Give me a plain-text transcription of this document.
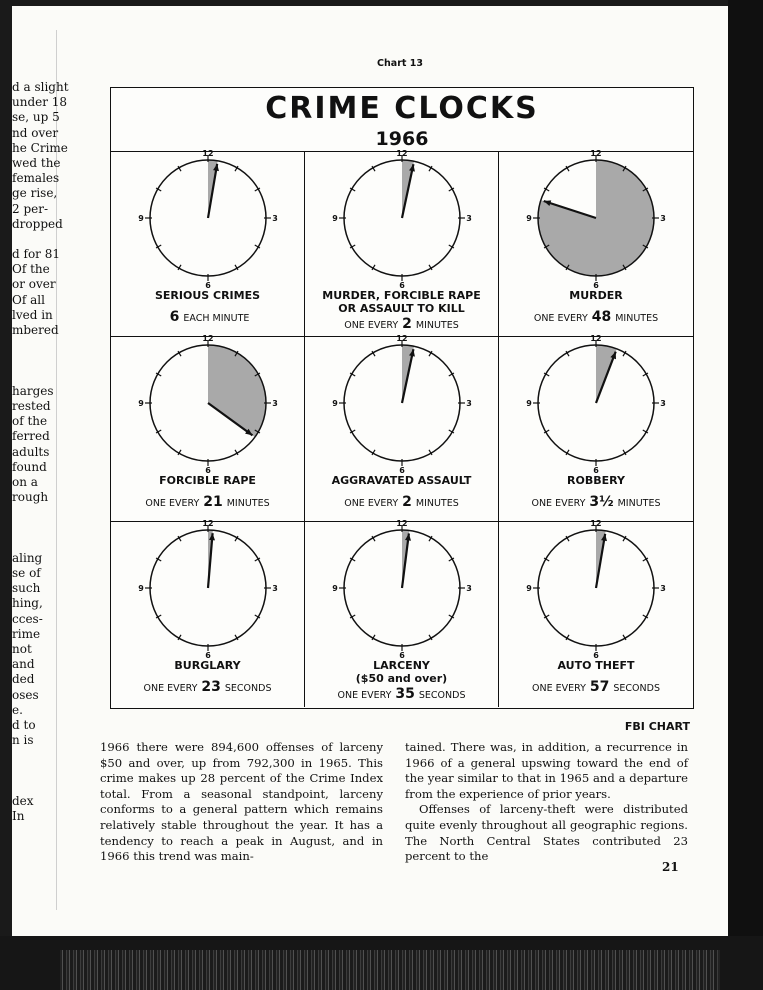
d a slight
under 18
se, up 5
nd over
he Crime
wed the
females
ge rise,
2 per-
dropped
d for 81
Of the
or over
Of all
lved in
mbered
harges
rested
of the
ferred
adults
found
on a
rough
aling
se of
such
hing,
cces-
rime
not
and
ded
oses
e.
d to
n is
dex
In
Chart 13
CRIME CLOCKS
1966
12
3
6
9
SERIOUS CRIMES
6 EACH MINUTE
12
3
6
9
MURDER, FORCIBLE RAPE
OR ASSAULT TO KILL
ONE EVERY 2 MINUTES
12
3
6
9
MURDER
ONE EVERY 48 MINUTES
12
3
6
9
FORCIBLE RAPE
ONE EVERY 21 MINUTES
12
3
6
9
AGGRAVATED ASSAULT
ONE EVERY 2 MINUTES
12
3
6
9
ROBBERY
ONE EVERY 3½ MINUTES
12
3
6
9
BURGLARY
ONE EVERY 23 SECONDS
12
3
6
9
LARCENY
($50 and over)
ONE EVERY 35 SECONDS
12
3
6
9
AUTO THEFT
ONE EVERY 57 SECONDS
FBI CHART

1966 there were 894,600 offenses of larceny $50 and over, up from 792,300 in 1965. This crime makes up 28 percent of the Crime Index total. From a seasonal standpoint, larceny conforms to a general pattern which remains relatively stable throughout the year. It has a tendency to reach a peak in August, and in 1966 this trend was main-

tained. There was, in addition, a recurrence in 1966 of a general upswing toward the end of the year similar to that in 1965 and a departure from the experience of prior years.

Offenses of larceny-theft were distributed quite evenly throughout all geographic regions. The North Central States contributed 23 percent to the

21
